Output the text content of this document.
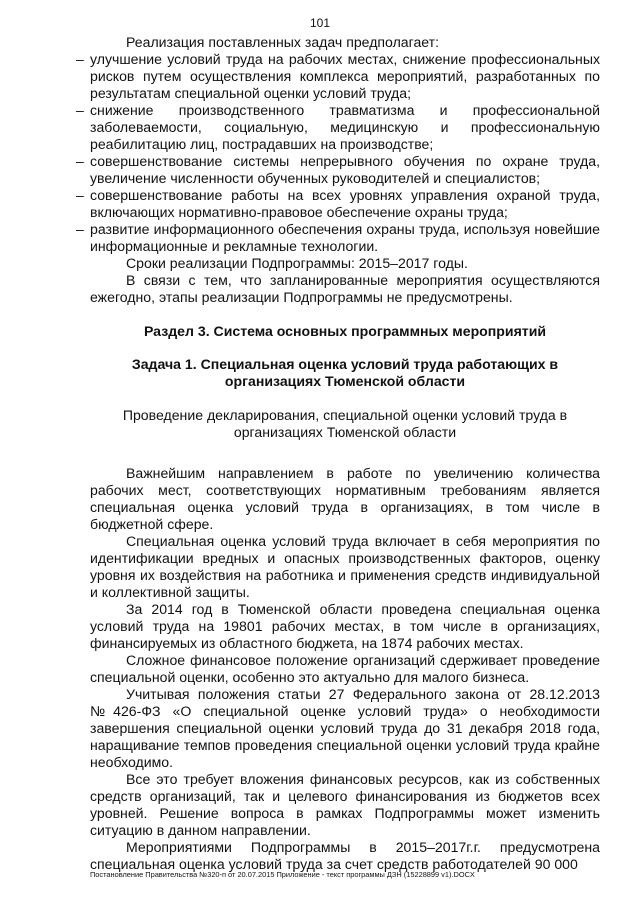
101

Реализация поставленных задач предполагает:

– улучшение условий труда на рабочих местах, снижение профессиональных рисков путем осуществления комплекса мероприятий, разработанных по результатам специальной оценки условий труда;
– снижение производственного травматизма и профессиональной заболеваемости, социальную, медицинскую и профессиональную реабилитацию лиц, пострадавших на производстве;
– совершенствование системы непрерывного обучения по охране труда, увеличение численности обученных руководителей и специалистов;
– совершенствование работы на всех уровнях управления охраной труда, включающих нормативно-правовое обеспечение охраны труда;
– развитие информационного обеспечения охраны труда, используя новейшие информационные и рекламные технологии.

Сроки реализации Подпрограммы: 2015–2017 годы.

В связи с тем, что запланированные мероприятия осуществляются ежегодно, этапы реализации Подпрограммы не предусмотрены.

Раздел 3. Система основных программных мероприятий
Задача 1. Специальная оценка условий труда работающих в организациях Тюменской области

Проведение декларирования, специальной оценки условий труда в организациях Тюменской области

Важнейшим направлением в работе по увеличению количества рабочих мест, соответствующих нормативным требованиям является специальная оценка условий труда в организациях, в том числе в бюджетной сфере.

Специальная оценка условий труда включает в себя мероприятия по идентификации вредных и опасных производственных факторов, оценку уровня их воздействия на работника и применения средств индивидуальной и коллективной защиты.

За 2014 год в Тюменской области проведена специальная оценка условий труда на 19801 рабочих местах, в том числе в организациях, финансируемых из областного бюджета, на 1874 рабочих местах.

Сложное финансовое положение организаций сдерживает проведение специальной оценки, особенно это актуально для малого бизнеса.

Учитывая положения статьи 27 Федерального закона от 28.12.2013 №426-ФЗ «О специальной оценке условий труда» о необходимости завершения специальной оценки условий труда до 31 декабря 2018 года, наращивание темпов проведения специальной оценки условий труда крайне необходимо.

Все это требует вложения финансовых ресурсов, как из собственных средств организаций, так и целевого финансирования из бюджетов всех уровней. Решение вопроса в рамках Подпрограммы может изменить ситуацию в данном направлении.

Мероприятиями Подпрограммы в 2015–2017г.г. предусмотрена специальная оценка условий труда за счет средств работодателей 90 000

Постановление Правительства №320-п от 20.07.2015 Приложение - текст программы ДЗН (15228899 v1).DOCX
